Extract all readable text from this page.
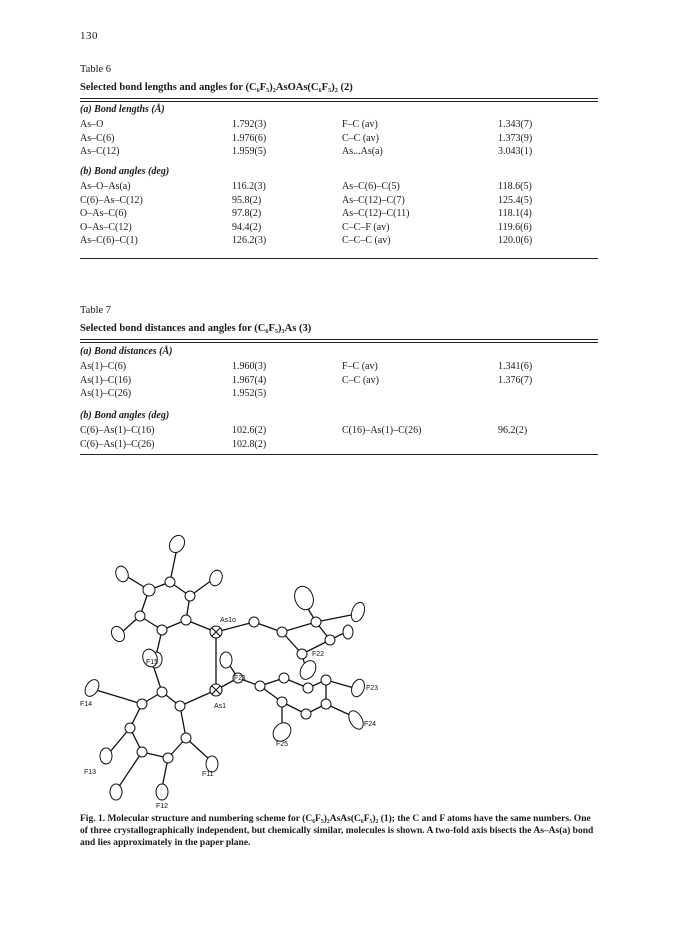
130
Table 6
Selected bond lengths and angles for (C₆F₅)₂AsOAs(C₆F₅)₂ (2)
(a) Bond lengths (Å)
As–O	1.792(3)	F–C (av)	1.343(7)
As–C(6)	1.976(6)	C–C (av)	1.373(9)
As–C(12)	1.959(5)	As...As(a)	3.043(1)
(b) Bond angles (deg)
As–O–As(a)	116.2(3)	As–C(6)–C(5)	118.6(5)
C(6)–As–C(12)	95.8(2)	As–C(12)–C(7)	125.4(5)
O–As–C(6)	97.8(2)	As–C(12)–C(11)	118.1(4)
O–As–C(12)	94.4(2)	C–C–F (av)	119.6(6)
As–C(6)–C(1)	126.2(3)	C–C–C (av)	120.0(6)
Table 7
Selected bond distances and angles for (C₆F₅)₃As (3)
(a) Bond distances (Å)
As(1)–C(6)	1.960(3)	F–C (av)	1.341(6)
As(1)–C(16)	1.967(4)	C–C (av)	1.376(7)
As(1)–C(26)	1.952(5)
(b) Bond angles (deg)
C(6)–As(1)–C(16)	102.6(2)	C(16)–As(1)–C(26)	96.2(2)
C(6)–As(1)–C(26)	102.8(2)
As1o
As1
F15
F21
F22
F23
F24
F25
F14
F13	F11
F12
Fig. 1. Molecular structure and numbering scheme for (C₆F₅)₂AsAs(C₆F₅)₂ (1); the C and F atoms have the same numbers. One of three crystallographically independent, but chemically similar, molecules is shown. A two-fold axis bisects the As–As(a) bond and lies approximately in the paper plane.
